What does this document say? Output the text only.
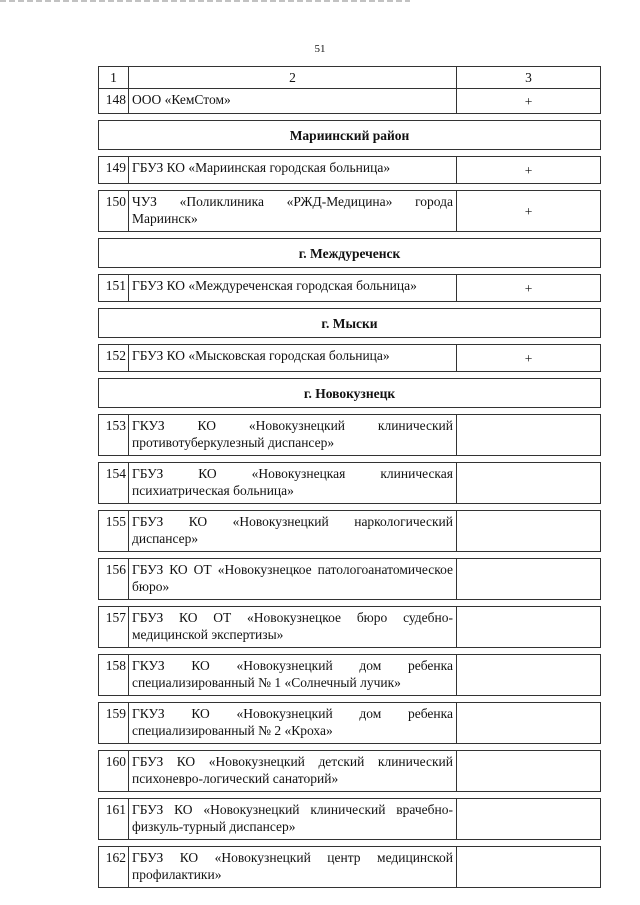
51
1	2	3
148	ООО «КемСтом»	+

Мариинский район		

149	ГБУЗ КО «Мариинская городская больница»	+

150	ЧУЗ «Поликлиника «РЖД-Медицина» города Мариинск»	+

г. Междуреченск		

151	ГБУЗ КО «Междуреченская городская больница»	+

г. Мыски		

152	ГБУЗ КО «Мысковская городская больница»	+

г. Новокузнецк		

153	ГКУЗ КО «Новокузнецкий клинический противотуберкулезный диспансер»	

154	ГБУЗ КО «Новокузнецкая клиническая психиатрическая больница»	

155	ГБУЗ КО «Новокузнецкий наркологический диспансер»	

156	ГБУЗ КО ОТ «Новокузнецкое патологоанатомическое бюро»	

157	ГБУЗ КО ОТ «Новокузнецкое бюро судебно-медицинской экспертизы»	

158	ГКУЗ КО «Новокузнецкий дом ребенка специализированный № 1 «Солнечный лучик»	

159	ГКУЗ КО «Новокузнецкий дом ребенка специализированный № 2 «Кроха»	

160	ГБУЗ КО «Новокузнецкий детский клинический психоневро-логический санаторий»	

161	ГБУЗ КО «Новокузнецкий клинический врачебно-физкуль-турный диспансер»	

162	ГБУЗ КО «Новокузнецкий центр медицинской профилактики»	
